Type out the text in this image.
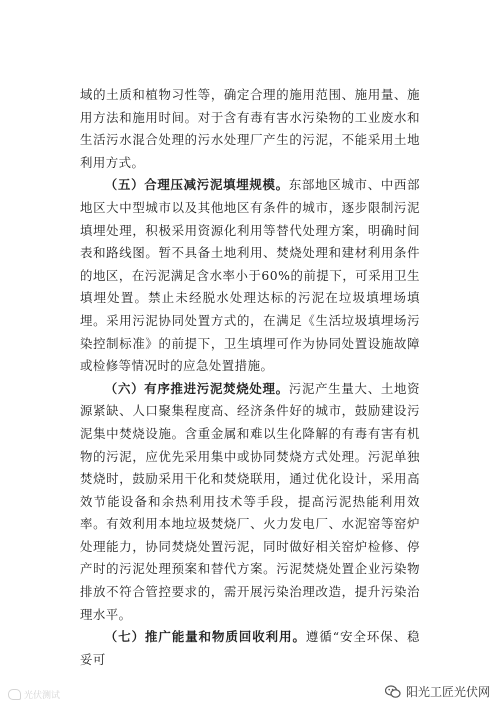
域的土质和植物习性等，确定合理的施用范围、施用量、施用方法和施用时间。对于含有毒有害水污染物的工业废水和生活污水混合处理的污水处理厂产生的污泥，不能采用土地利用方式。

（五）合理压减污泥填埋规模。东部地区城市、中西部地区大中型城市以及其他地区有条件的城市，逐步限制污泥填埋处理，积极采用资源化利用等替代处理方案，明确时间表和路线图。暂不具备土地利用、焚烧处理和建材利用条件的地区，在污泥满足含水率小于60%的前提下，可采用卫生填埋处置。禁止未经脱水处理达标的污泥在垃圾填埋场填埋。采用污泥协同处置方式的，在满足《生活垃圾填埋场污染控制标准》的前提下，卫生填埋可作为协同处置设施故障或检修等情况时的应急处置措施。

（六）有序推进污泥焚烧处理。污泥产生量大、土地资源紧缺、人口聚集程度高、经济条件好的城市，鼓励建设污泥集中焚烧设施。含重金属和难以生化降解的有毒有害有机物的污泥，应优先采用集中或协同焚烧方式处理。污泥单独焚烧时，鼓励采用干化和焚烧联用，通过优化设计，采用高效节能设备和余热利用技术等手段，提高污泥热能利用效率。有效利用本地垃圾焚烧厂、火力发电厂、水泥窑等窑炉处理能力，协同焚烧处置污泥，同时做好相关窑炉检修、停产时的污泥处理预案和替代方案。污泥焚烧处置企业污染物排放不符合管控要求的，需开展污染治理改造，提升污染治理水平。

（七）推广能量和物质回收利用。遵循“安全环保、稳妥可

光伏测试	阳光工匠光伏网
